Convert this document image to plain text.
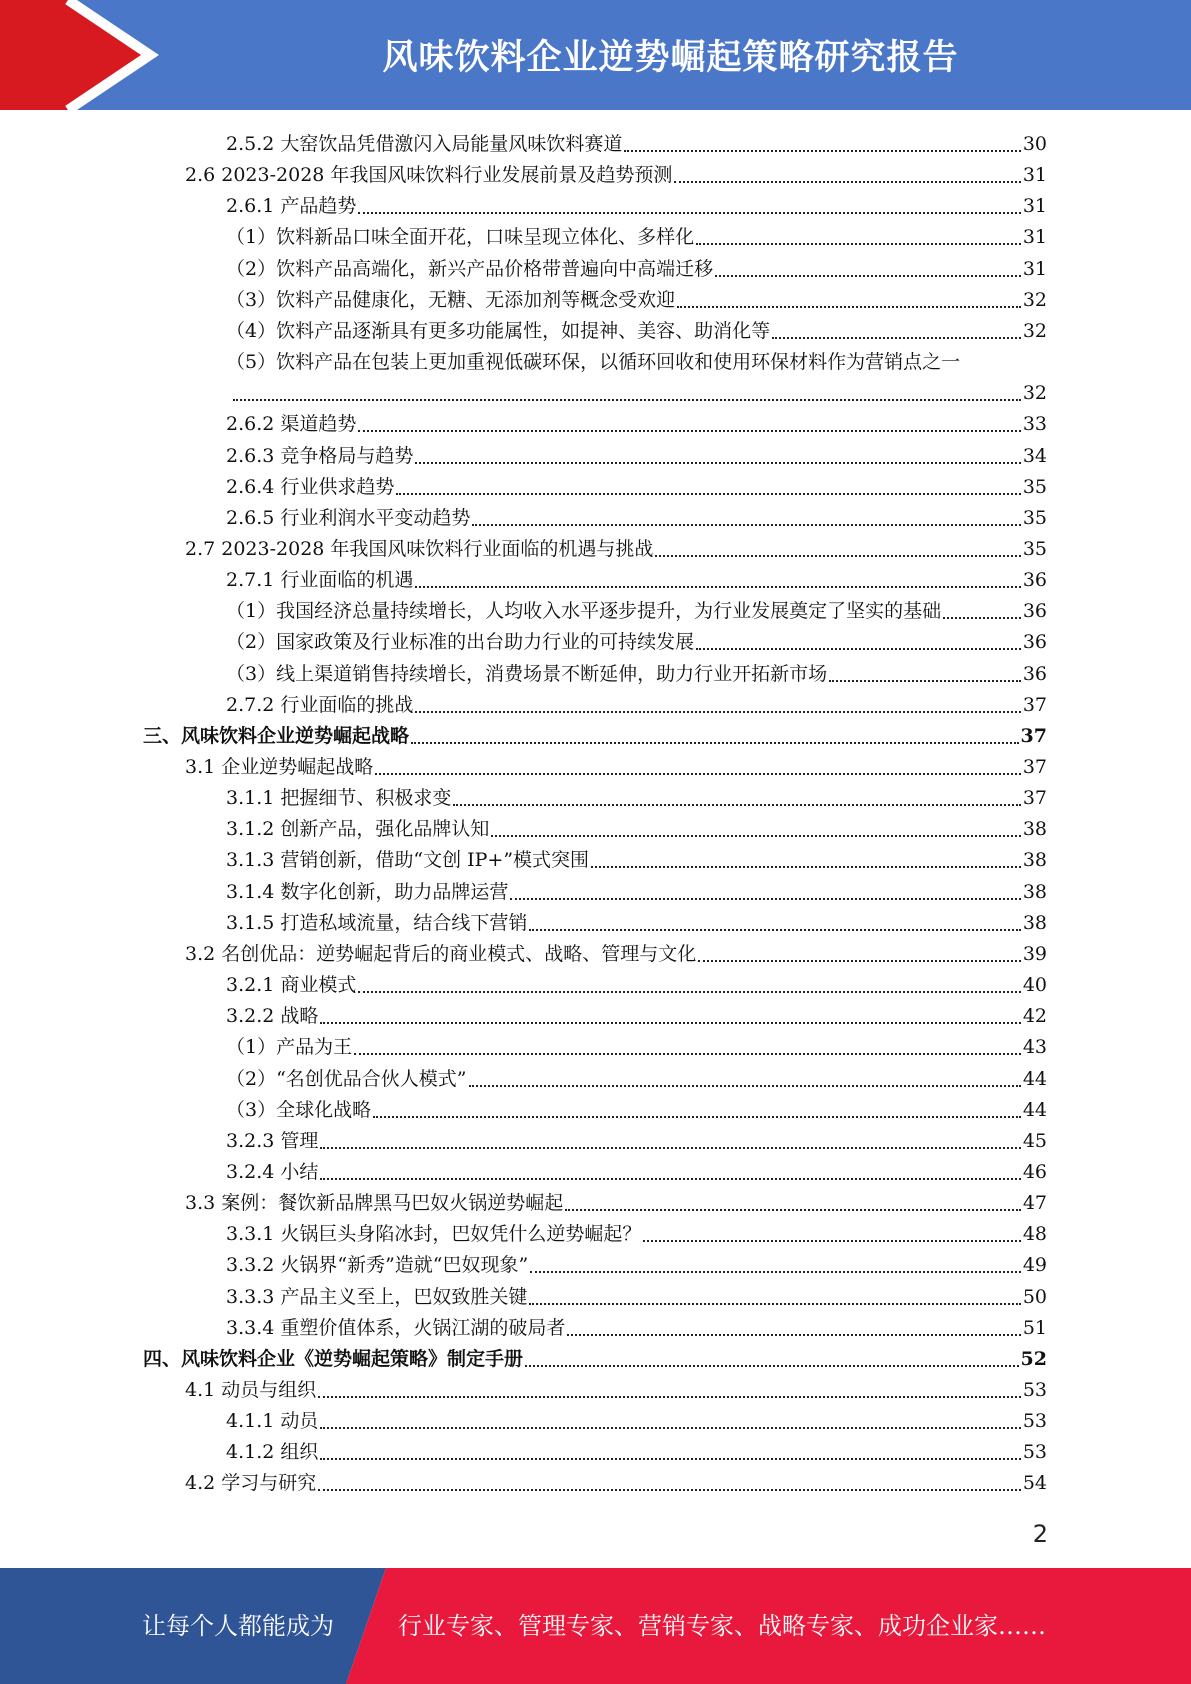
风味饮料企业逆势崛起策略研究报告
2.5.2 大窑饮品凭借激闪入局能量风味饮料赛道	30
2.6 2023-2028 年我国风味饮料行业发展前景及趋势预测	31
2.6.1 产品趋势	31
（1）饮料新品口味全面开花，口味呈现立体化、多样化	31
（2）饮料产品高端化，新兴产品价格带普遍向中高端迁移	31
（3）饮料产品健康化，无糖、无添加剂等概念受欢迎	32
（4）饮料产品逐渐具有更多功能属性，如提神、美容、助消化等	32
（5）饮料产品在包装上更加重视低碳环保，以循环回收和使用环保材料作为营销点之一
32
2.6.2 渠道趋势	33
2.6.3 竞争格局与趋势	34
2.6.4 行业供求趋势	35
2.6.5 行业利润水平变动趋势	35
2.7 2023-2028 年我国风味饮料行业面临的机遇与挑战	35
2.7.1 行业面临的机遇	36
（1）我国经济总量持续增长，人均收入水平逐步提升，为行业发展奠定了坚实的基础	36
（2）国家政策及行业标准的出台助力行业的可持续发展	36
（3）线上渠道销售持续增长，消费场景不断延伸，助力行业开拓新市场	36
2.7.2 行业面临的挑战	37
三、风味饮料企业逆势崛起战略	37
3.1 企业逆势崛起战略	37
3.1.1 把握细节、积极求变	37
3.1.2 创新产品，强化品牌认知	38
3.1.3 营销创新，借助“文创 IP+”模式突围	38
3.1.4 数字化创新，助力品牌运营	38
3.1.5 打造私域流量，结合线下营销	38
3.2 名创优品：逆势崛起背后的商业模式、战略、管理与文化	39
3.2.1 商业模式	40
3.2.2 战略	42
（1）产品为王	43
（2）“名创优品合伙人模式”	44
（3）全球化战略	44
3.2.3 管理	45
3.2.4 小结	46
3.3 案例：餐饮新品牌黑马巴奴火锅逆势崛起	47
3.3.1 火锅巨头身陷冰封，巴奴凭什么逆势崛起？	48
3.3.2 火锅界“新秀”造就“巴奴现象”	49
3.3.3 产品主义至上，巴奴致胜关键	50
3.3.4 重塑价值体系，火锅江湖的破局者	51
四、风味饮料企业《逆势崛起策略》制定手册	52
4.1 动员与组织	53
4.1.1 动员	53
4.1.2 组织	53
4.2 学习与研究	54
2
让每个人都能成为	行业专家、管理专家、营销专家、战略专家、成功企业家……
